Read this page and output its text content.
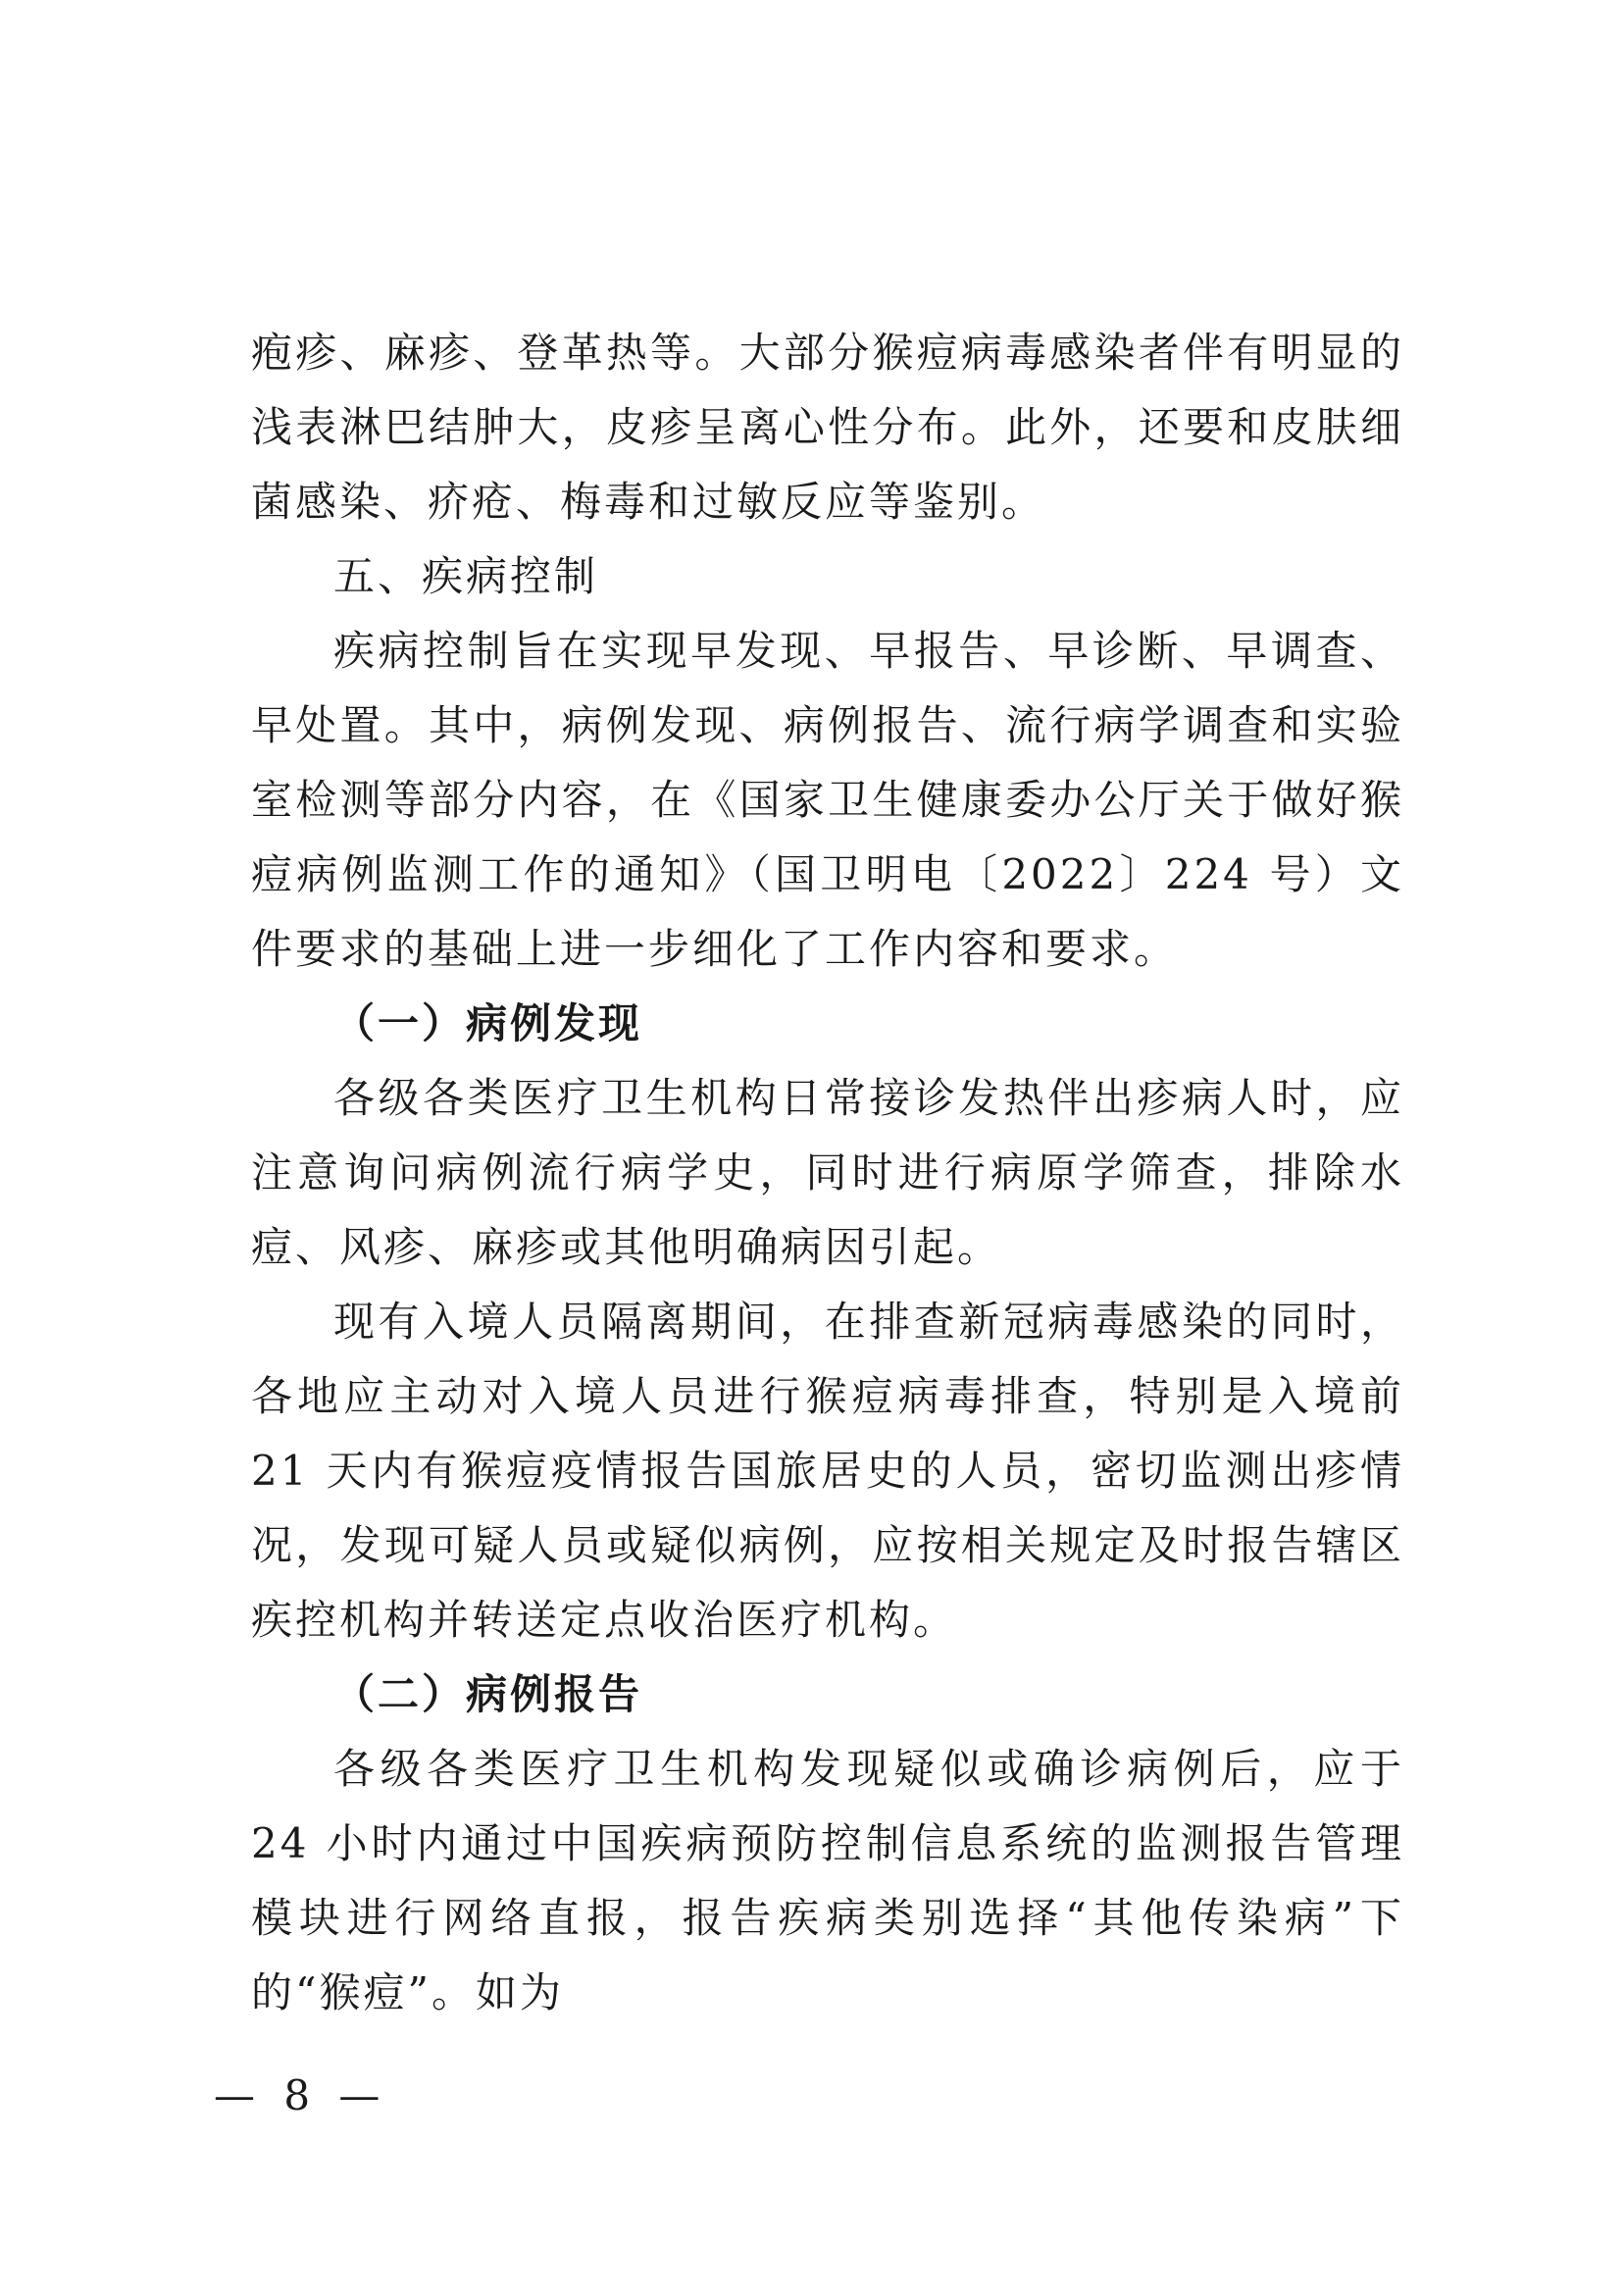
疱疹、麻疹、登革热等。大部分猴痘病毒感染者伴有明显的浅表淋巴结肿大，皮疹呈离心性分布。此外，还要和皮肤细菌感染、疥疮、梅毒和过敏反应等鉴别。

五、疾病控制

疾病控制旨在实现早发现、早报告、早诊断、早调查、早处置。其中，病例发现、病例报告、流行病学调查和实验室检测等部分内容，在《国家卫生健康委办公厅关于做好猴痘病例监测工作的通知》（国卫明电〔2022〕224 号）文件要求的基础上进一步细化了工作内容和要求。

（一）病例发现

各级各类医疗卫生机构日常接诊发热伴出疹病人时，应注意询问病例流行病学史，同时进行病原学筛查，排除水痘、风疹、麻疹或其他明确病因引起。

现有入境人员隔离期间，在排查新冠病毒感染的同时，各地应主动对入境人员进行猴痘病毒排查，特别是入境前 21 天内有猴痘疫情报告国旅居史的人员，密切监测出疹情况，发现可疑人员或疑似病例，应按相关规定及时报告辖区疾控机构并转送定点收治医疗机构。

（二）病例报告

各级各类医疗卫生机构发现疑似或确诊病例后，应于 24 小时内通过中国疾病预防控制信息系统的监测报告管理模块进行网络直报，报告疾病类别选择“其他传染病”下的“猴痘”。如为

— 8 —
